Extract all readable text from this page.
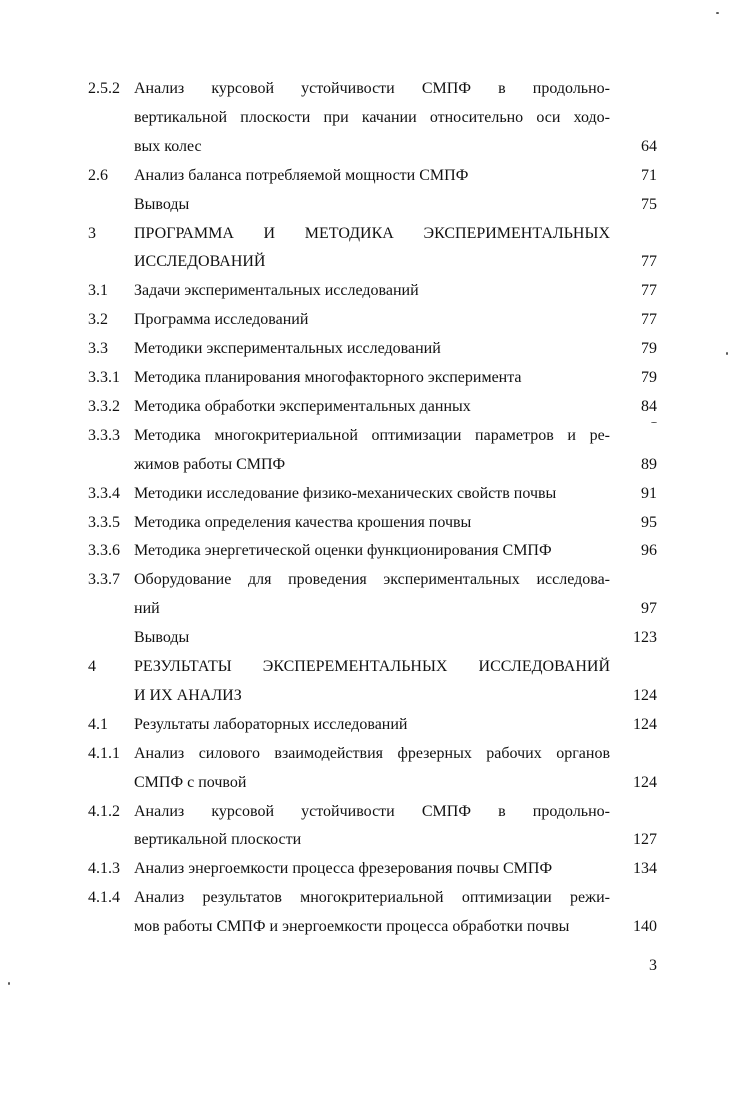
2.5.2 Анализ курсовой устойчивости СМПФ в продольно-
вертикальной плоскости при качании относительно оси ходо-
вых колес	64
2.6 Анализ баланса потребляемой мощности СМПФ	71
Выводы	75
3 ПРОГРАММА И МЕТОДИКА ЭКСПЕРИМЕНТАЛЬНЫХ
ИССЛЕДОВАНИЙ	77
3.1 Задачи экспериментальных исследований	77
3.2 Программа исследований	77
3.3 Методики экспериментальных исследований	79
3.3.1 Методика планирования многофакторного эксперимента	79
3.3.2 Методика обработки экспериментальных данных	84
3.3.3 Методика многокритериальной оптимизации параметров и ре-
жимов работы СМПФ	89
3.3.4 Методики исследование физико-механических свойств почвы	91
3.3.5 Методика определения качества крошения почвы	95
3.3.6 Методика энергетической оценки функционирования СМПФ	96
3.3.7 Оборудование для проведения экспериментальных исследова-
ний	97
Выводы	123
4 РЕЗУЛЬТАТЫ ЭКСПЕРЕМЕНТАЛЬНЫХ ИССЛЕДОВАНИЙ
И ИХ АНАЛИЗ	124
4.1 Результаты лабораторных исследований	124
4.1.1 Анализ силового взаимодействия фрезерных рабочих органов
СМПФ с почвой	124
4.1.2 Анализ курсовой устойчивости СМПФ в продольно-
вертикальной плоскости	127
4.1.3 Анализ энергоемкости процесса фрезерования почвы СМПФ	134
4.1.4 Анализ результатов многокритериальной оптимизации режи-
мов работы СМПФ и энергоемкости процесса обработки почвы	140
3
